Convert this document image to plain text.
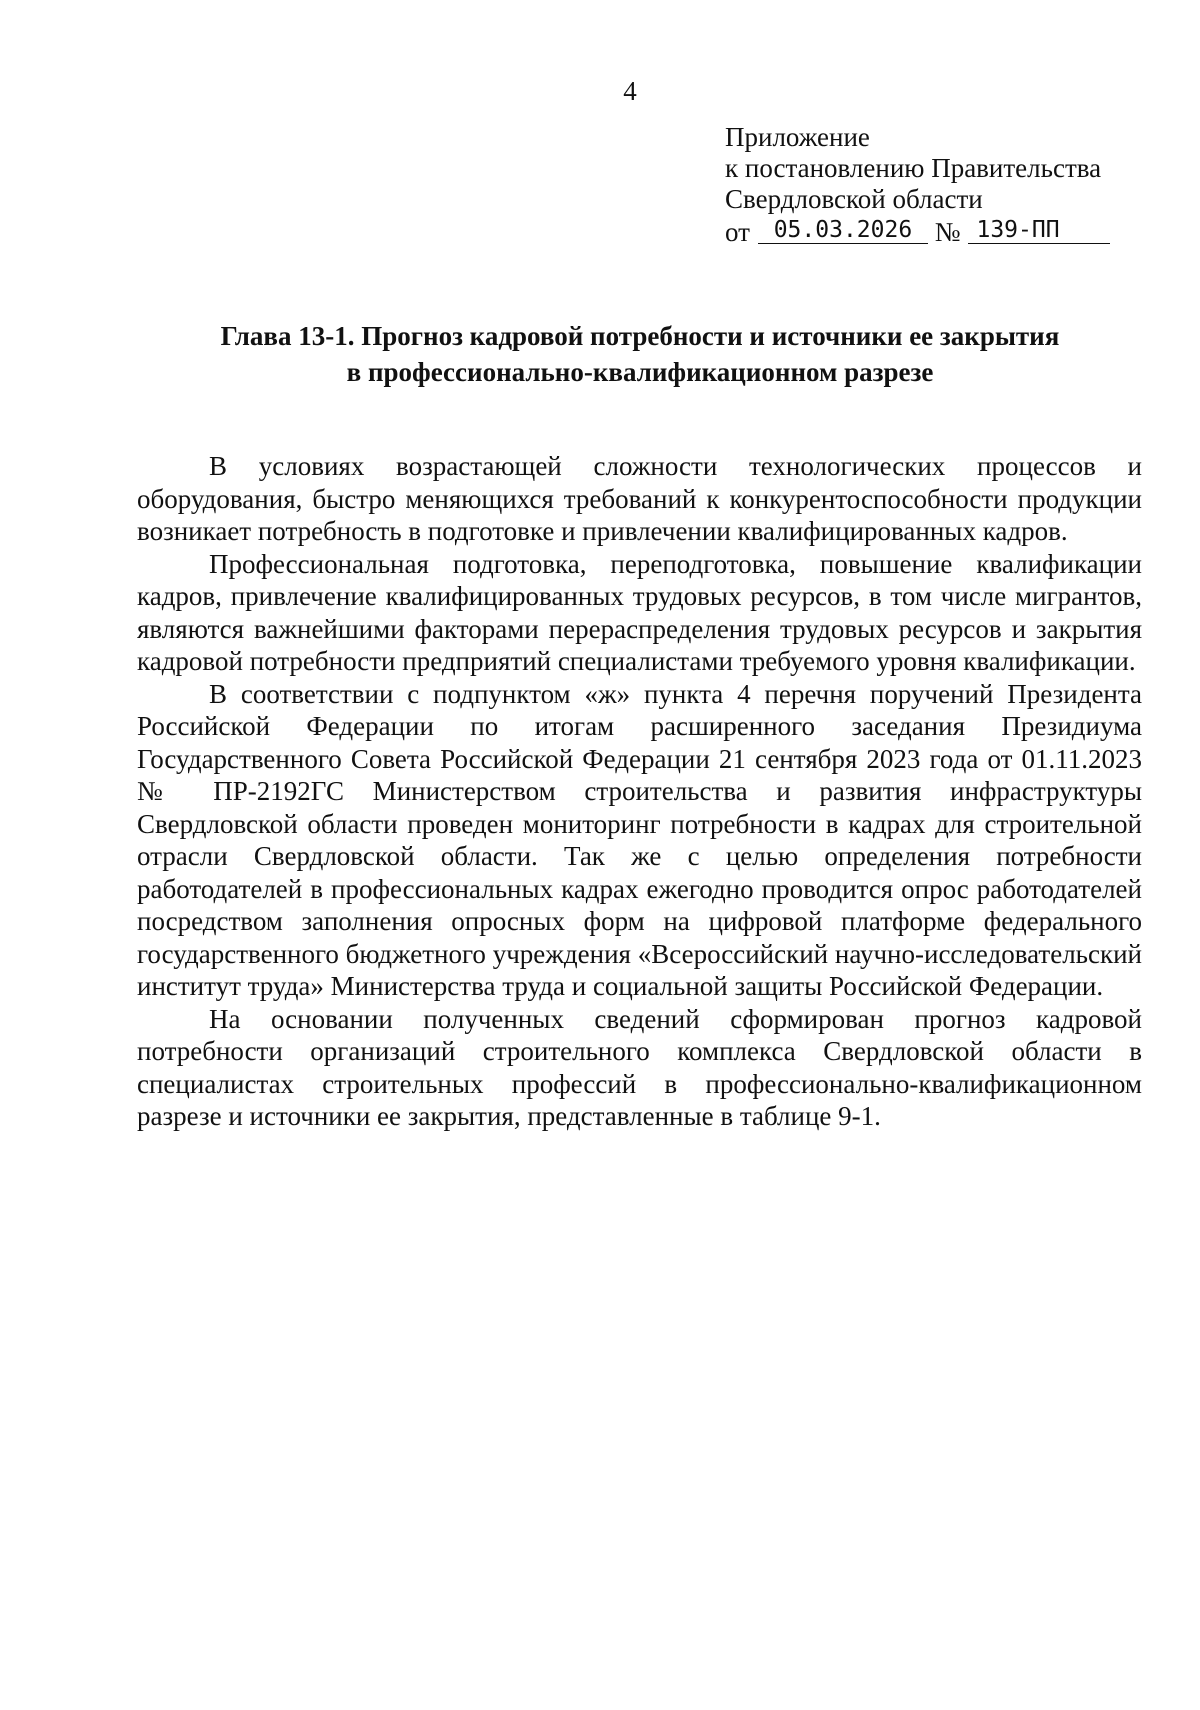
4
Приложение
к постановлению Правительства
Свердловской области
от 05.03.2026 № 139-ПП
Глава 13-1. Прогноз кадровой потребности и источники ее закрытия
в профессионально-квалификационном разрезе

В условиях возрастающей сложности технологических процессов и оборудования, быстро меняющихся требований к конкурентоспособности продукции возникает потребность в подготовке и привлечении квалифицированных кадров.

Профессиональная подготовка, переподготовка, повышение квалификации кадров, привлечение квалифицированных трудовых ресурсов, в том числе мигрантов, являются важнейшими факторами перераспределения трудовых ресурсов и закрытия кадровой потребности предприятий специалистами требуемого уровня квалификации.

В соответствии с подпунктом «ж» пункта 4 перечня поручений Президента Российской Федерации по итогам расширенного заседания Президиума Государственного Совета Российской Федерации 21 сентября 2023 года от 01.11.2023 № ПР-2192ГС Министерством строительства и развития инфраструктуры Свердловской области проведен мониторинг потребности в кадрах для строительной отрасли Свердловской области. Так же с целью определения потребности работодателей в профессиональных кадрах ежегодно проводится опрос работодателей посредством заполнения опросных форм на цифровой платформе федерального государственного бюджетного учреждения «Всероссийский научно-исследовательский институт труда» Министерства труда и социальной защиты Российской Федерации.

На основании полученных сведений сформирован прогноз кадровой потребности организаций строительного комплекса Свердловской области в специалистах строительных профессий в профессионально-квалификационном разрезе и источники ее закрытия, представленные в таблице 9-1.
